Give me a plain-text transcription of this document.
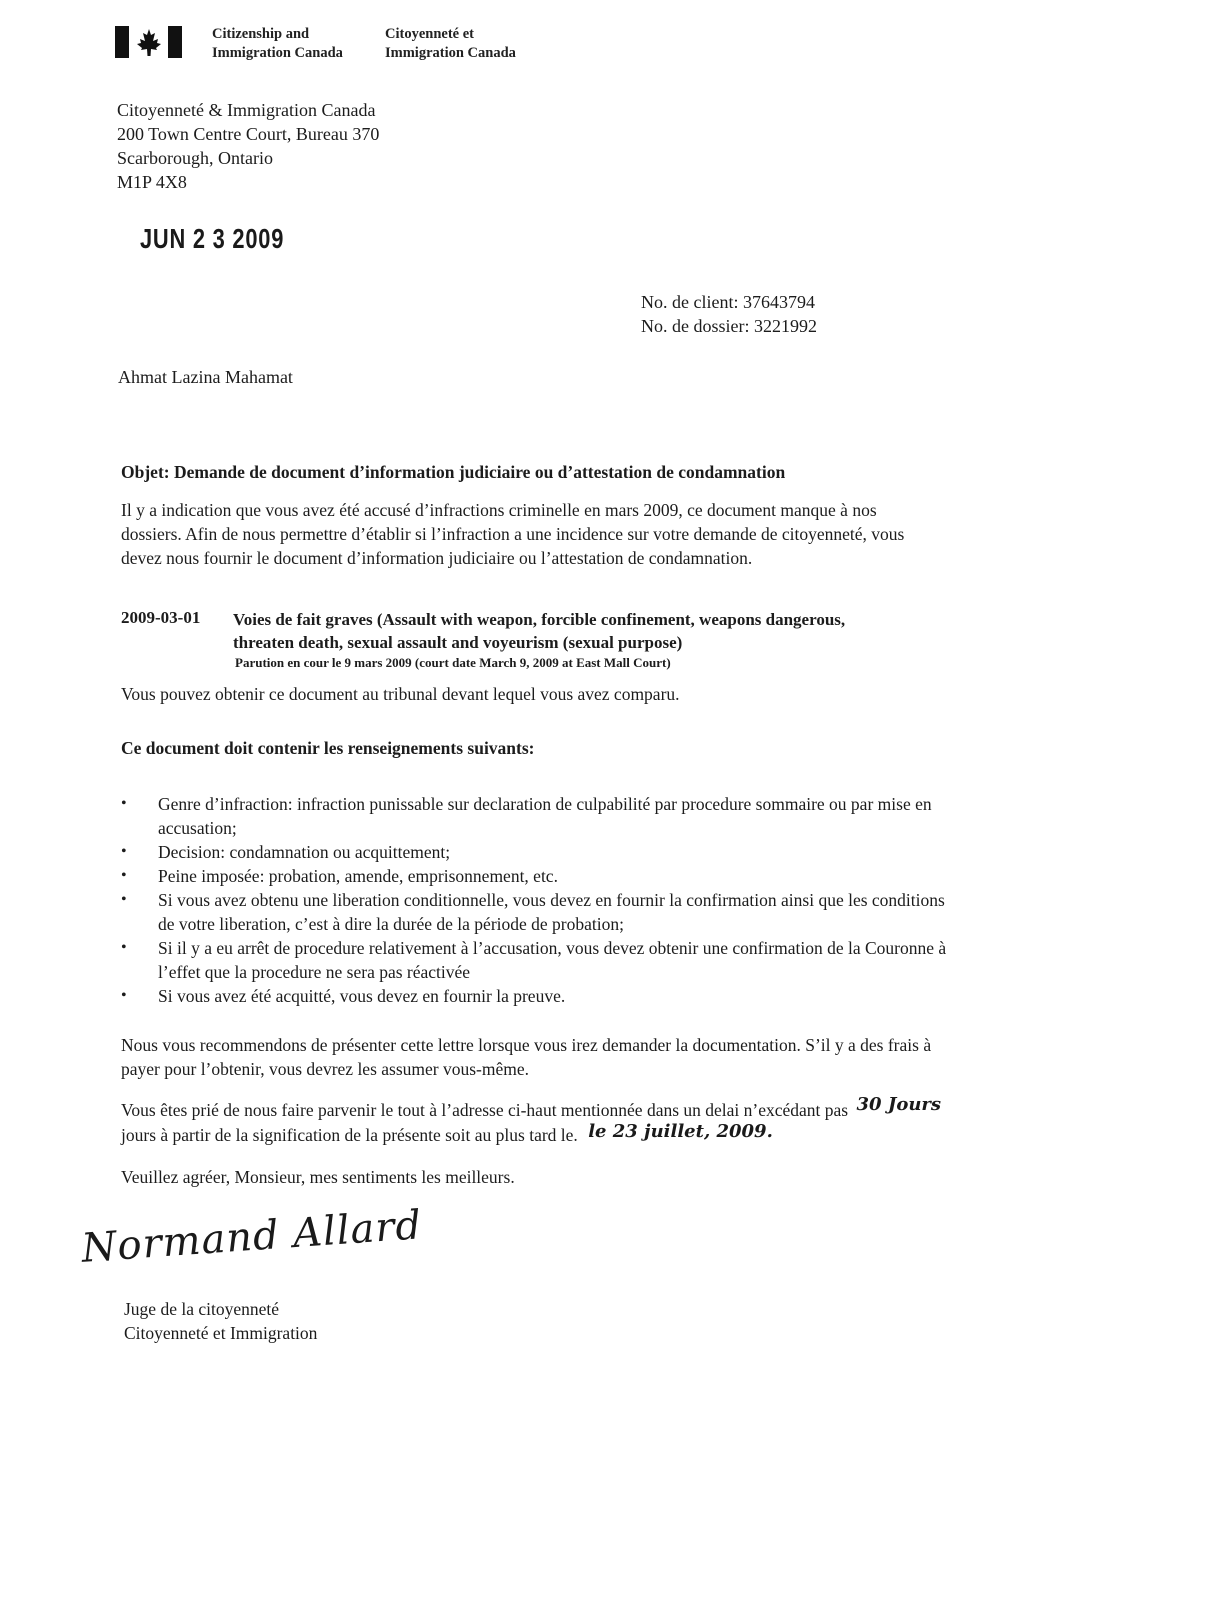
Citizenship and
Immigration Canada
Citoyenneté et
Immigration Canada
Citoyenneté & Immigration Canada
200 Town Centre Court, Bureau 370
Scarborough, Ontario
M1P 4X8
JUN 2 3 2009
No. de client: 37643794
No. de dossier: 3221992
Ahmat Lazina Mahamat
Objet: Demande de document d’information judiciaire ou d’attestation de condamnation
Il y a indication que vous avez été accusé d’infractions criminelle en mars 2009, ce document manque à nos
dossiers. Afin de nous permettre d’établir si l’infraction a une incidence sur votre demande de citoyenneté, vous
devez nous fournir le document d’information judiciaire ou l’attestation de condamnation.
2009-03-01 Voies de fait graves (Assault with weapon, forcible confinement, weapons dangerous,
threaten death, sexual assault and voyeurism (sexual purpose)
Parution en cour le 9 mars 2009 (court date March 9, 2009 at East Mall Court)
Vous pouvez obtenir ce document au tribunal devant lequel vous avez comparu.
Ce document doit contenir les renseignements suivants:
• Genre d’infraction: infraction punissable sur declaration de culpabilité par procedure sommaire ou par mise en
accusation;
• Decision: condamnation ou acquittement;
• Peine imposée: probation, amende, emprisonnement, etc.
• Si vous avez obtenu une liberation conditionnelle, vous devez en fournir la confirmation ainsi que les conditions
de votre liberation, c’est à dire la durée de la période de probation;
• Si il y a eu arrêt de procedure relativement à l’accusation, vous devez obtenir une confirmation de la Couronne à
l’effet que la procedure ne sera pas réactivée
• Si vous avez été acquitté, vous devez en fournir la preuve.
Nous vous recommendons de présenter cette lettre lorsque vous irez demander la documentation. S’il y a des frais à
payer pour l’obtenir, vous devrez les assumer vous-même.
Vous êtes prié de nous faire parvenir le tout à l’adresse ci-haut mentionnée dans un delai n’excédant pas 30 Jours
jours à partir de la signification de la présente soit au plus tard le. le 23 juillet, 2009.
Veuillez agréer, Monsieur, mes sentiments les meilleurs.
Normand Allard
Juge de la citoyenneté
Citoyenneté et Immigration
